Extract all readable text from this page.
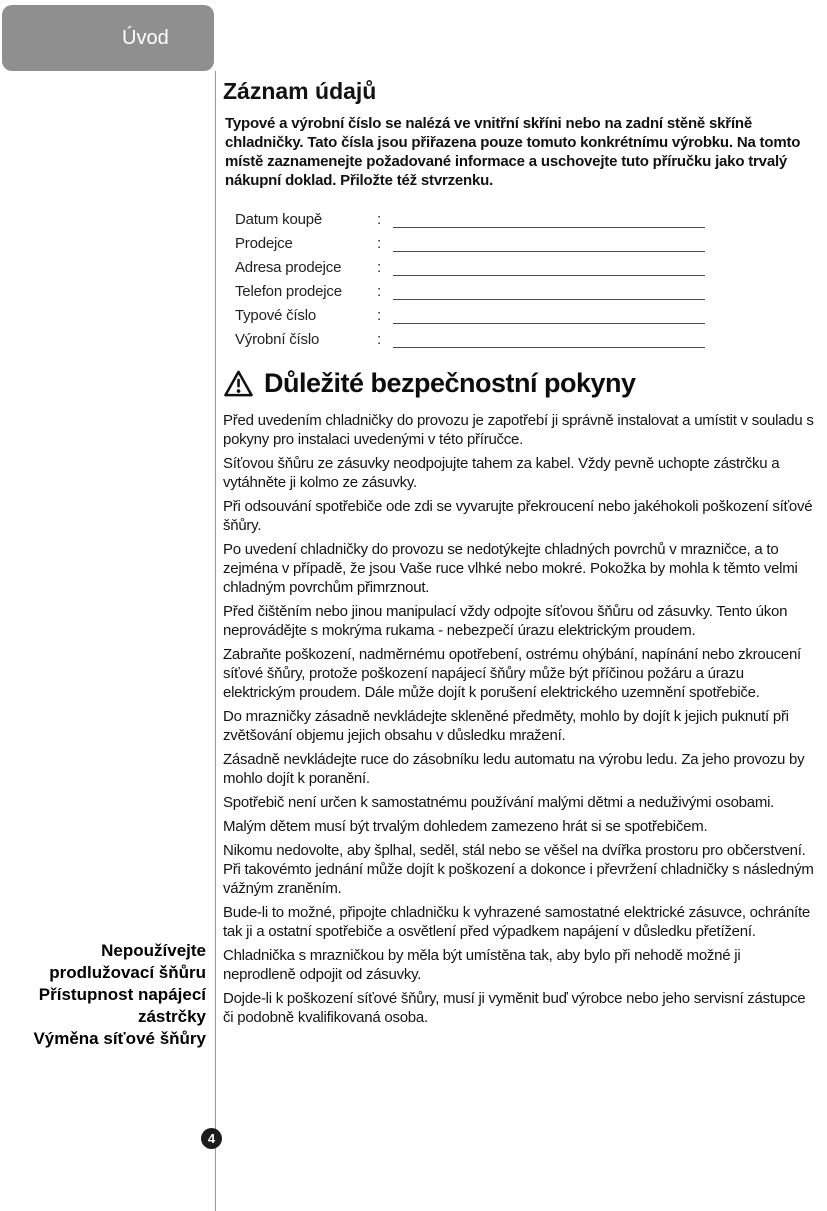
Úvod

Nepoužívejte prodlužovací šňůru

Přístupnost napájecí zástrčky

Výměna síťové šňůry

4
Záznam údajů

Typové a výrobní číslo se nalézá ve vnitřní skříni nebo na zadní stěně skříně chladničky. Tato čísla jsou přiřazena pouze tomuto konkrétnímu výrobku. Na tomto místě zaznamenejte požadované informace a uschovejte tuto příručku jako trvalý nákupní doklad. Přiložte též stvrzenku.

Datum koupě	:
Prodejce	:
Adresa prodejce	:
Telefon prodejce	:
Typové číslo	:
Výrobní číslo	:
Důležité bezpečnostní pokyny

Před uvedením chladničky do provozu je zapotřebí ji správně instalovat a umístit v souladu s pokyny pro instalaci uvedenými v této příručce.

Síťovou šňůru ze zásuvky neodpojujte tahem za kabel. Vždy pevně uchopte zástrčku a vytáhněte ji kolmo ze zásuvky.

Při odsouvání spotřebiče ode zdi se vyvarujte překroucení nebo jakéhokoli poškození síťové šňůry.

Po uvedení chladničky do provozu se nedotýkejte chladných povrchů v mrazničce, a to zejména v případě, že jsou Vaše ruce vlhké nebo mokré. Pokožka by mohla k těmto velmi chladným povrchům přimrznout.

Před čištěním nebo jinou manipulací vždy odpojte síťovou šňůru od zásuvky. Tento úkon neprovádějte s mokrýma rukama - nebezpečí úrazu elektrickým proudem.

Zabraňte poškození, nadměrnému opotřebení, ostrému ohýbání, napínání nebo zkroucení síťové šňůry, protože poškození napájecí šňůry může být příčinou požáru a úrazu elektrickým proudem. Dále může dojít k porušení elektrického uzemnění spotřebiče.

Do mrazničky zásadně nevkládejte skleněné předměty, mohlo by dojít k jejich puknutí při zvětšování objemu jejich obsahu v důsledku mražení.

Zásadně nevkládejte ruce do zásobníku ledu automatu na výrobu ledu. Za jeho provozu by mohlo dojít k poranění.

Spotřebič není určen k samostatnému používání malými dětmi a neduživými osobami.

Malým dětem musí být trvalým dohledem zamezeno hrát si se spotřebičem.

Nikomu nedovolte, aby šplhal, seděl, stál nebo se věšel na dvířka prostoru pro občerstvení. Při takovémto jednání může dojít k poškození a dokonce i převržení chladničky s následným vážným zraněním.

Bude-li to možné, připojte chladničku k vyhrazené samostatné elektrické zásuvce, ochráníte tak ji a ostatní spotřebiče a osvětlení před výpadkem napájení v důsledku přetížení.

Chladnička s mrazničkou by měla být umístěna tak, aby bylo při nehodě možné ji neprodleně odpojit od zásuvky.

Dojde-li k poškození síťové šňůry, musí ji vyměnit buď výrobce nebo jeho servisní zástupce či podobně kvalifikovaná osoba.
